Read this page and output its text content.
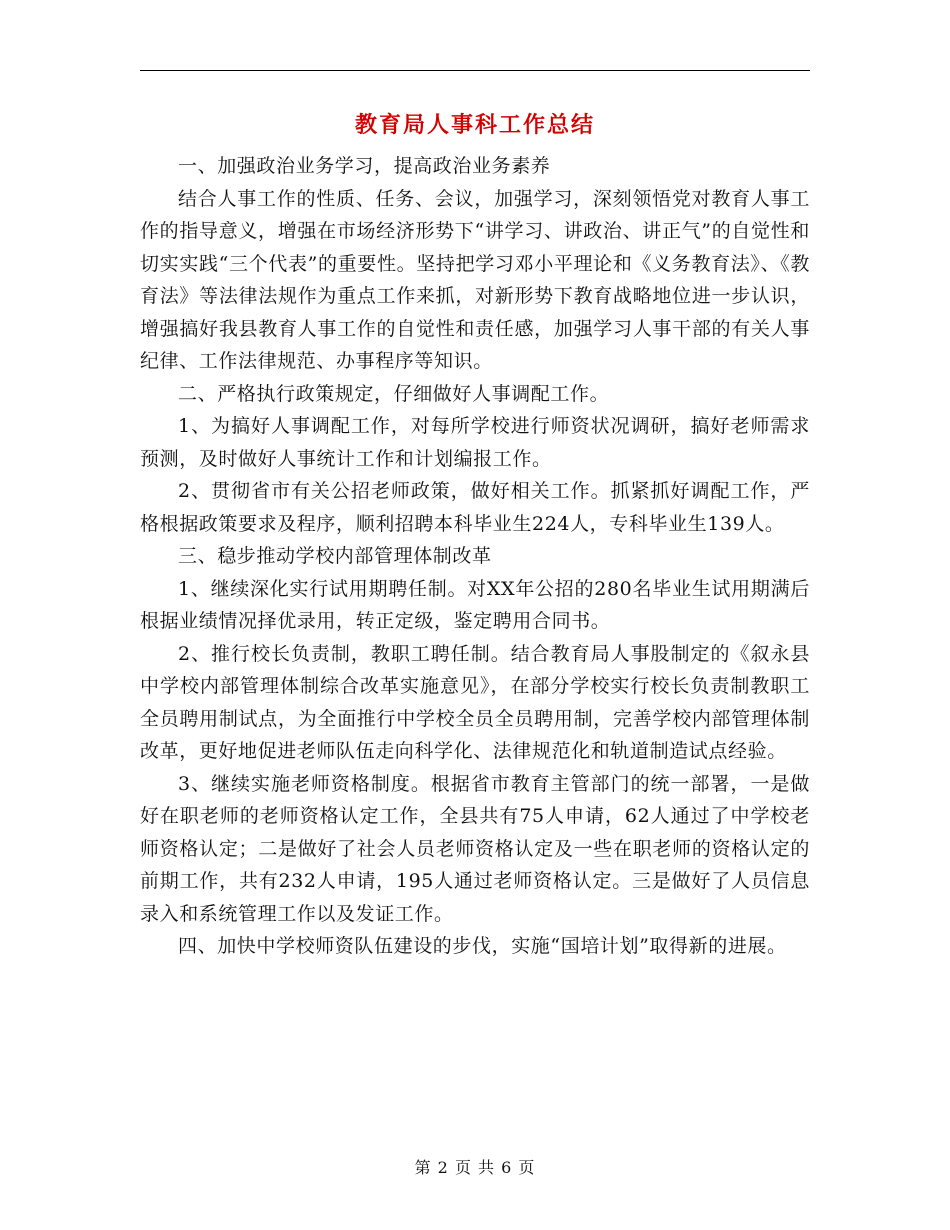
教育局人事科工作总结

一、加强政治业务学习，提高政治业务素养

结合人事工作的性质、任务、会议，加强学习，深刻领悟党对教育人事工作的指导意义，增强在市场经济形势下“讲学习、讲政治、讲正气”的自觉性和切实实践“三个代表”的重要性。坚持把学习邓小平理论和《义务教育法》、《教育法》等法律法规作为重点工作来抓，对新形势下教育战略地位进一步认识，增强搞好我县教育人事工作的自觉性和责任感，加强学习人事干部的有关人事纪律、工作法律规范、办事程序等知识。

二、严格执行政策规定，仔细做好人事调配工作。

1、为搞好人事调配工作，对每所学校进行师资状况调研，搞好老师需求预测，及时做好人事统计工作和计划编报工作。

2、贯彻省市有关公招老师政策，做好相关工作。抓紧抓好调配工作，严格根据政策要求及程序，顺利招聘本科毕业生224人，专科毕业生139人。

三、稳步推动学校内部管理体制改革

1、继续深化实行试用期聘任制。对XX年公招的280名毕业生试用期满后根据业绩情况择优录用，转正定级，鉴定聘用合同书。

2、推行校长负责制，教职工聘任制。结合教育局人事股制定的《叙永县中学校内部管理体制综合改革实施意见》，在部分学校实行校长负责制教职工全员聘用制试点，为全面推行中学校全员全员聘用制，完善学校内部管理体制改革，更好地促进老师队伍走向科学化、法律规范化和轨道制造试点经验。

3、继续实施老师资格制度。根据省市教育主管部门的统一部署，一是做好在职老师的老师资格认定工作，全县共有75人申请，62人通过了中学校老师资格认定；二是做好了社会人员老师资格认定及一些在职老师的资格认定的前期工作，共有232人申请，195人通过老师资格认定。三是做好了人员信息录入和系统管理工作以及发证工作。

四、加快中学校师资队伍建设的步伐，实施“国培计划”取得新的进展。

第 2 页 共 6 页
